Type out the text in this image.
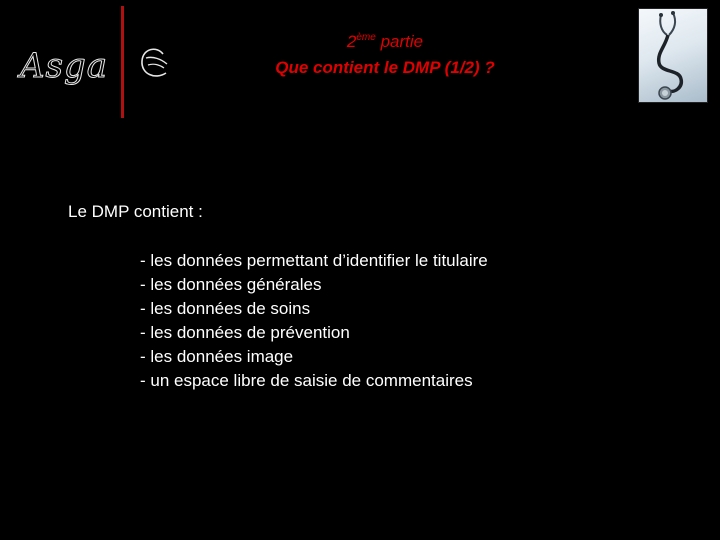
Asga
2ème partie
Que contient le DMP (1/2) ?
Le DMP contient :
- les données permettant d’identifier le titulaire
- les données générales
- les données de soins
- les données de prévention
- les données image
- un espace libre de saisie de commentaires
